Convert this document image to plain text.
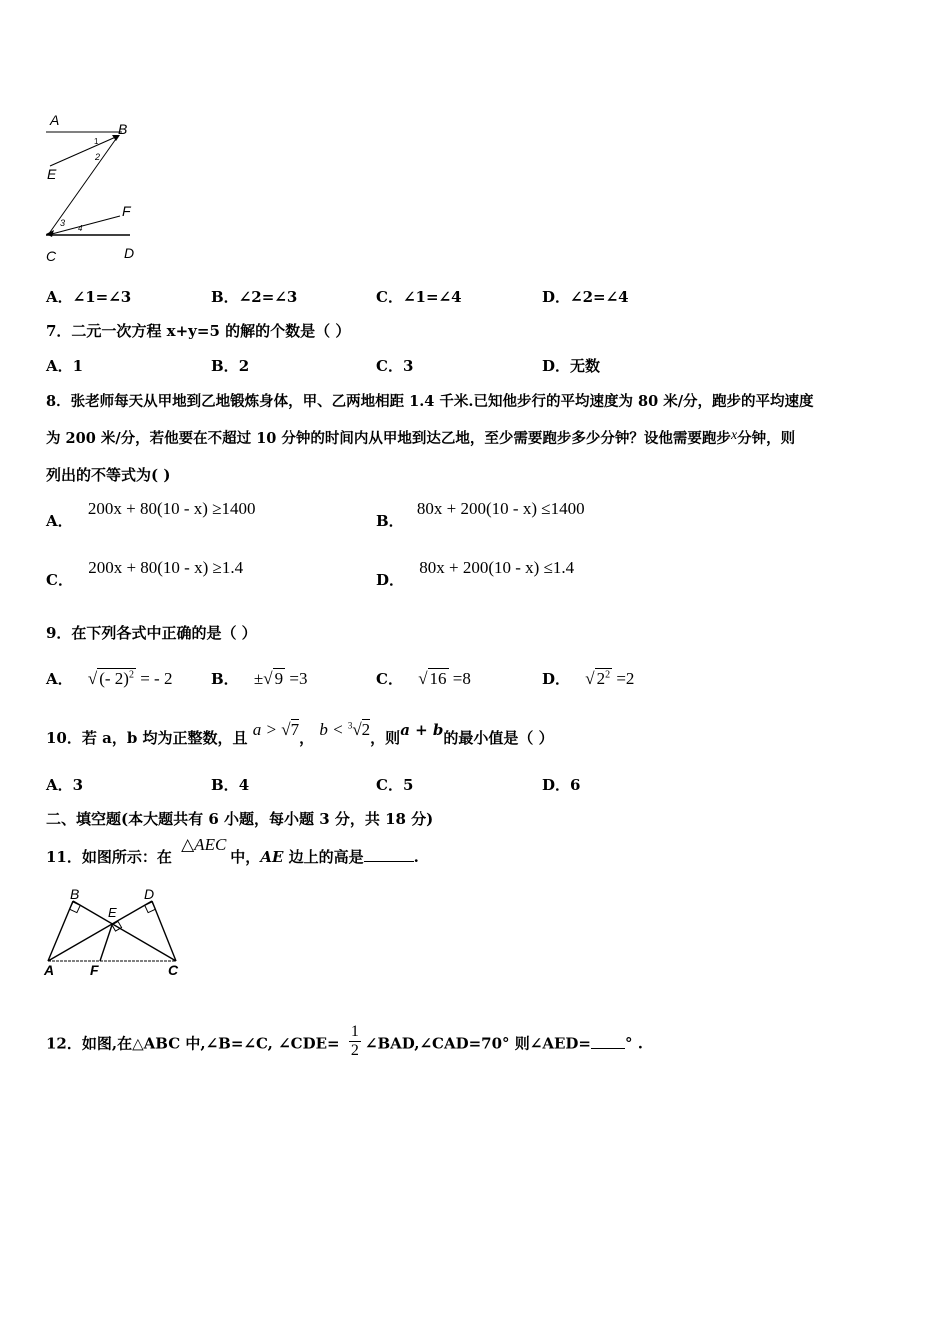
A
B
E
F
C	D
1
2
3
4
A．∠1=∠3	B．∠2=∠3	C．∠1=∠4	D．∠2=∠4
7．二元一次方程 x+y=5 的解的个数是（ ）
A．1	B．2	C．3	D．无数
8．张老师每天从甲地到乙地锻炼身体，甲、乙两地相距 1.4 千米.已知他步行的平均速度为 80 米/分，跑步的平均速度
为 200 米/分，若他要在不超过 10 分钟的时间内从甲地到达乙地，至少需要跑步多少分钟？设他需要跑步x分钟，则
列出的不等式为( )
A． 200x + 80(10 - x) ≥1400
B． 80x + 200(10 - x) ≤1400
C． 200x + 80(10 - x) ≥1.4
D． 80x + 200(10 - x) ≤1.4
9．在下列各式中正确的是（ ）
A． √ (- 2)$^2$ = - 2	B． ±√ 9 =3	C． √ 16 =8	D． √ $2^2 =2$
10．若 a，b 均为正整数，且 a > √7， b < $^3$√2，则a + b的最小值是（ ）
A．3	B．4	C．5	D．6
二、填空题(本大题共有 6 小题，每小题 3 分，共 18 分)
11．如图所示：在 △AEC中，AE 边上的高是	.
B	D
E
A	F	C
12．如图,在△ABC 中,∠B=∠C, ∠CDE= $\frac{1}{2}$ ∠BAD,∠CAD=70° 则∠AED= ° .
